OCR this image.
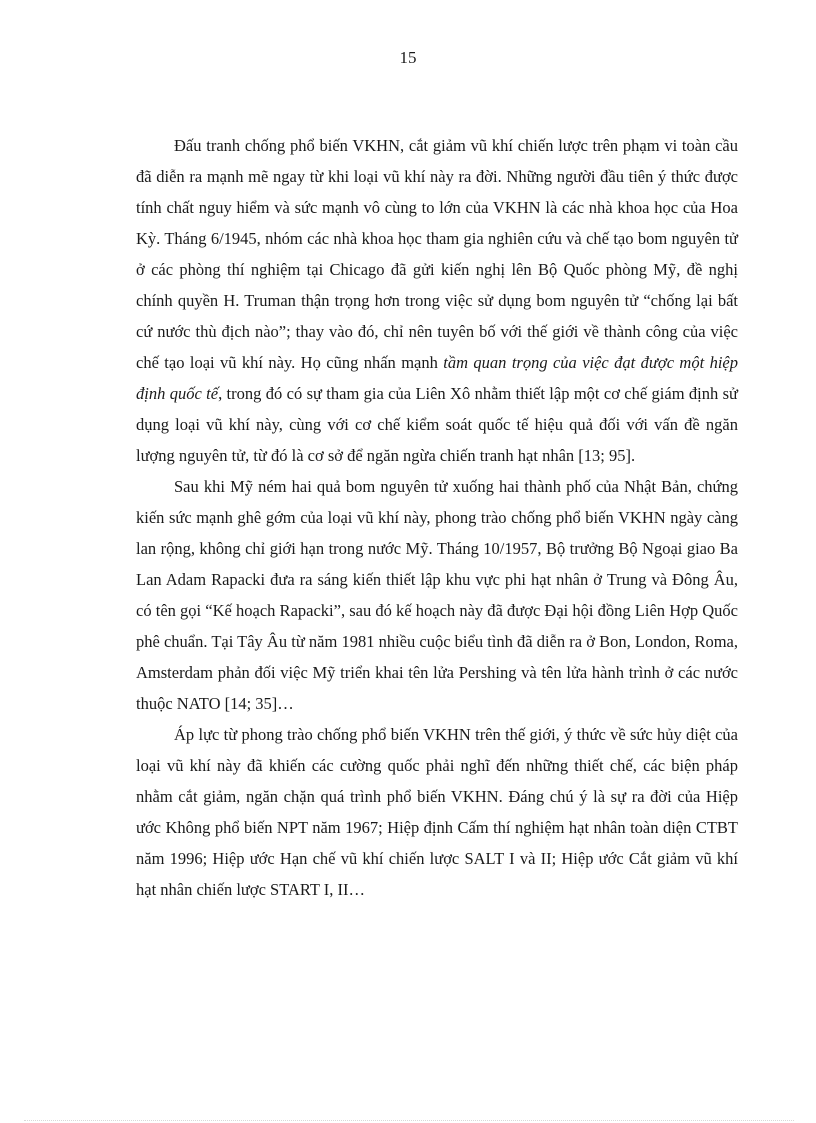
15

Đấu tranh chống phổ biến VKHN, cắt giảm vũ khí chiến lược trên phạm vi toàn cầu đã diễn ra mạnh mẽ ngay từ khi loại vũ khí này ra đời. Những người đầu tiên ý thức được tính chất nguy hiểm và sức mạnh vô cùng to lớn của VKHN là các nhà khoa học của Hoa Kỳ. Tháng 6/1945, nhóm các nhà khoa học tham gia nghiên cứu và chế tạo bom nguyên tử ở các phòng thí nghiệm tại Chicago đã gửi kiến nghị lên Bộ Quốc phòng Mỹ, đề nghị chính quyền H. Truman thận trọng hơn trong việc sử dụng bom nguyên tử “chống lại bất cứ nước thù địch nào”; thay vào đó, chỉ nên tuyên bố với thế giới về thành công của việc chế tạo loại vũ khí này. Họ cũng nhấn mạnh tầm quan trọng của việc đạt được một hiệp định quốc tế, trong đó có sự tham gia của Liên Xô nhằm thiết lập một cơ chế giám định sử dụng loại vũ khí này, cùng với cơ chế kiểm soát quốc tế hiệu quả đối với vấn đề ngăn lượng nguyên tử, từ đó là cơ sở để ngăn ngừa chiến tranh hạt nhân [13; 95].

Sau khi Mỹ ném hai quả bom nguyên tử xuống hai thành phố của Nhật Bản, chứng kiến sức mạnh ghê gớm của loại vũ khí này, phong trào chống phổ biến VKHN ngày càng lan rộng, không chỉ giới hạn trong nước Mỹ. Tháng 10/1957, Bộ trưởng Bộ Ngoại giao Ba Lan Adam Rapacki đưa ra sáng kiến thiết lập khu vực phi hạt nhân ở Trung và Đông Âu, có tên gọi “Kế hoạch Rapacki”, sau đó kế hoạch này đã được Đại hội đồng Liên Hợp Quốc phê chuẩn. Tại Tây Âu từ năm 1981 nhiều cuộc biểu tình đã diễn ra ở Bon, London, Roma, Amsterdam phản đối việc Mỹ triển khai tên lửa Pershing và tên lửa hành trình ở các nước thuộc NATO [14; 35]…

Áp lực từ phong trào chống phổ biến VKHN trên thế giới, ý thức về sức hủy diệt của loại vũ khí này đã khiến các cường quốc phải nghĩ đến những thiết chế, các biện pháp nhằm cắt giảm, ngăn chặn quá trình phổ biến VKHN. Đáng chú ý là sự ra đời của Hiệp ước Không phổ biến NPT năm 1967; Hiệp định Cấm thí nghiệm hạt nhân toàn diện CTBT năm 1996; Hiệp ước Hạn chế vũ khí chiến lược SALT I và II; Hiệp ước Cắt giảm vũ khí hạt nhân chiến lược START I, II…
